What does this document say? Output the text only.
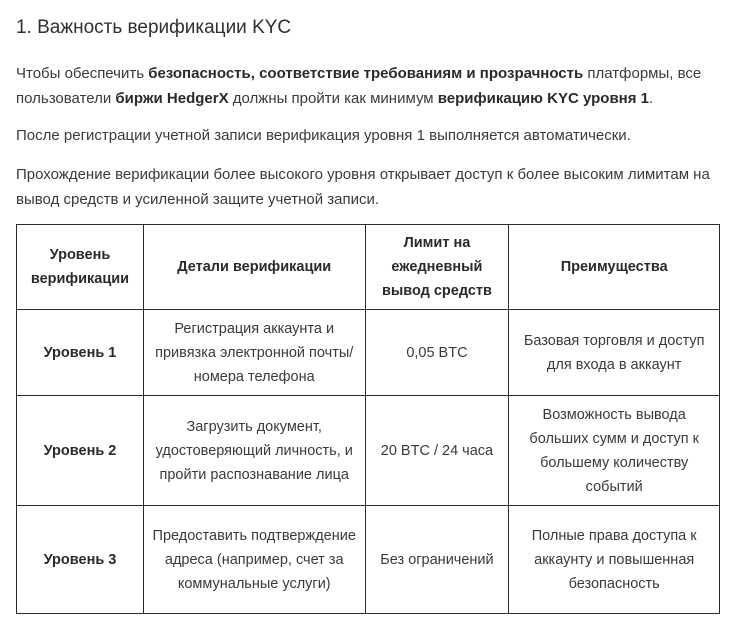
1. Важность верификации KYC

Чтобы обеспечить безопасность, соответствие требованиям и прозрачность платформы, все пользователи биржи HedgerX должны пройти как минимум верификацию KYC уровня 1.

После регистрации учетной записи верификация уровня 1 выполняется автоматически.

Прохождение верификации более высокого уровня открывает доступ к более высоким лимитам на вывод средств и усиленной защите учетной записи.

Уровень верификации	Детали верификации	Лимит на ежедневный вывод средств	Преимущества
Уровень 1	Регистрация аккаунта и привязка электронной почты/номера телефона	0,05 BTC	Базовая торговля и доступ для входа в аккаунт
Уровень 2	Загрузить документ, удостоверяющий личность, и пройти распознавание лица	20 BTC / 24 часа	Возможность вывода больших сумм и доступ к большему количеству событий
Уровень 3	Предоставить подтверждение адреса (например, счет за коммунальные услуги)	Без ограничений	Полные права доступа к аккаунту и повышенная безопасность
